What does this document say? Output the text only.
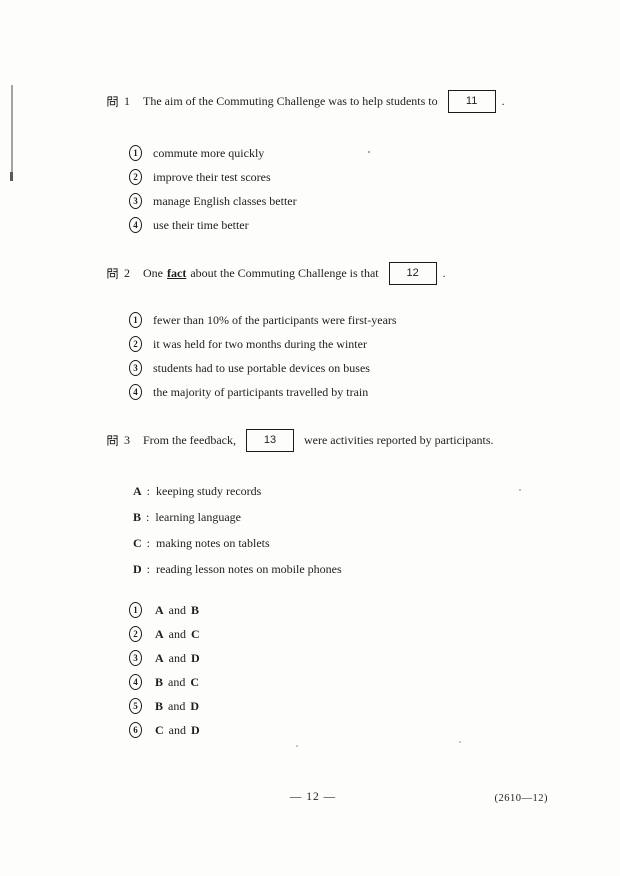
1 The aim of the Commuting Challenge was to help students to	11 .
1	commute more quickly
2	improve their test scores
3	manage English classes better
4	use their time better
2 One fact about the Commuting Challenge is that	12 .
1	fewer than 10% of the participants were first-years
2	it was held for two months during the winter
3	students had to use portable devices on buses
4	the majority of participants travelled by train
3 From the feedback,	13 were activities reported by participants.
A : keeping study records
B : learning language
C : making notes on tablets
D : reading lesson notes on mobile phones
1	A and B
2	A and C
3	A and D
4	B and C
5	B and D
6	C and D
— 12 —	(2610—12)
